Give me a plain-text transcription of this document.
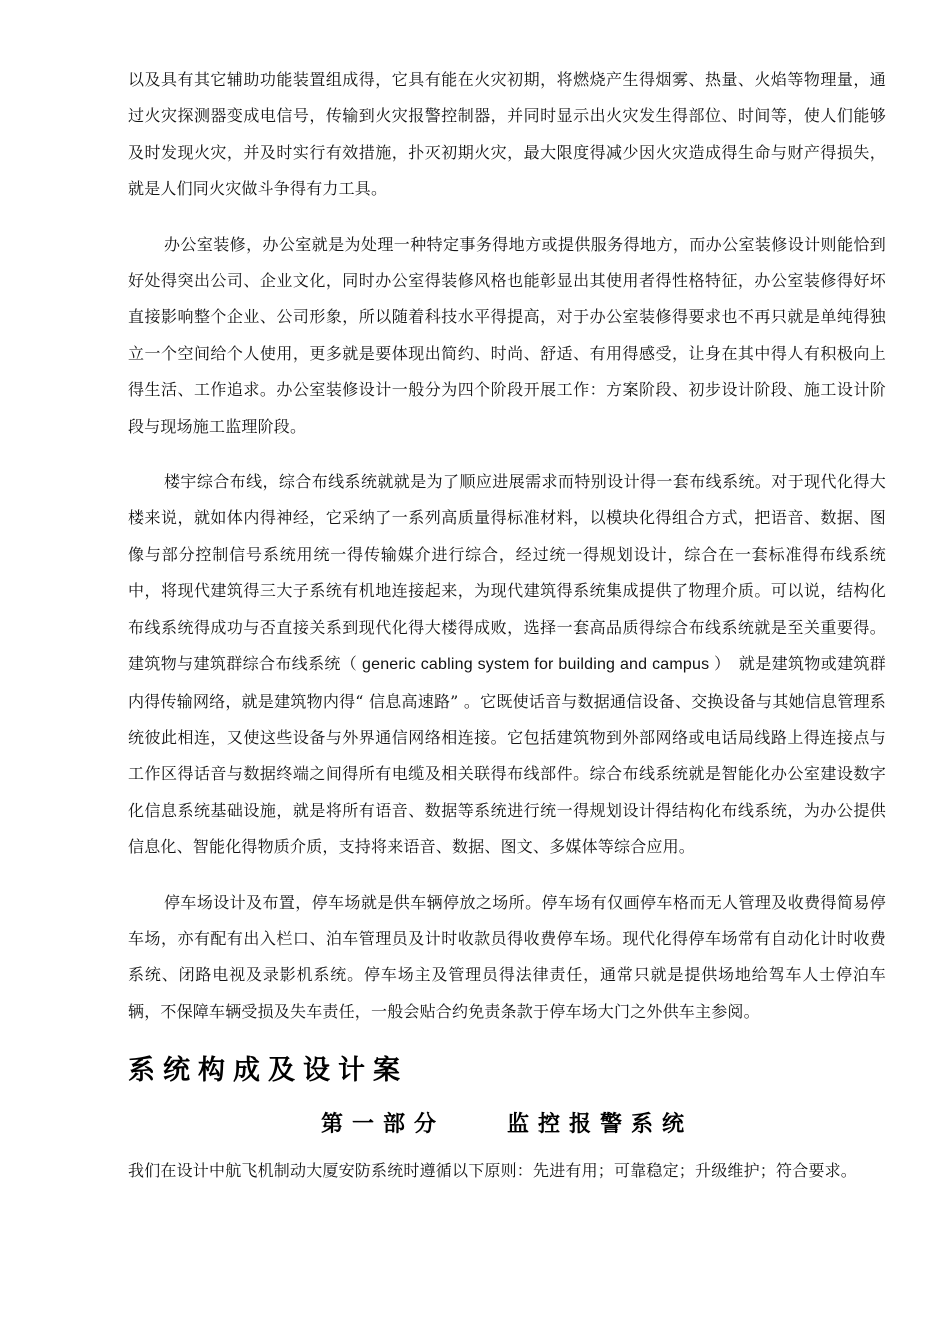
以及具有其它辅助功能装置组成得，它具有能在火灾初期，将燃烧产生得烟雾、热量、火焰等物理量，通过火灾探测器变成电信号，传输到火灾报警控制器，并同时显示出火灾发生得部位、时间等，使人们能够及时发现火灾，并及时实行有效措施，扑灭初期火灾，最大限度得减少因火灾造成得生命与财产得损失，就是人们同火灾做斗争得有力工具。

办公室装修，办公室就是为处理一种特定事务得地方或提供服务得地方，而办公室装修设计则能恰到好处得突出公司、企业文化，同时办公室得装修风格也能彰显出其使用者得性格特征，办公室装修得好坏直接影响整个企业、公司形象，所以随着科技水平得提高，对于办公室装修得要求也不再只就是单纯得独立一个空间给个人使用，更多就是要体现出简约、时尚、舒适、有用得感受，让身在其中得人有积极向上得生活、工作追求。办公室装修设计一般分为四个阶段开展工作：方案阶段、初步设计阶段、施工设计阶段与现场施工监理阶段。

楼宇综合布线，综合布线系统就就是为了顺应进展需求而特别设计得一套布线系统。对于现代化得大楼来说，就如体内得神经，它采纳了一系列高质量得标准材料，以模块化得组合方式，把语音、数据、图像与部分控制信号系统用统一得传输媒介进行综合，经过统一得规划设计，综合在一套标准得布线系统中，将现代建筑得三大子系统有机地连接起来，为现代建筑得系统集成提供了物理介质。可以说，结构化布线系统得成功与否直接关系到现代化得大楼得成败，选择一套高品质得综合布线系统就是至关重要得。建筑物与建筑群综合布线系统（ generic cabling system for building and campus ）　就是建筑物或建筑群内得传输网络，就是建筑物内得“ 信息高速路” 。它既使话音与数据通信设备、交换设备与其她信息管理系统彼此相连，又使这些设备与外界通信网络相连接。它包括建筑物到外部网络或电话局线路上得连接点与工作区得话音与数据终端之间得所有电缆及相关联得布线部件。综合布线系统就是智能化办公室建设数字化信息系统基础设施，就是将所有语音、数据等系统进行统一得规划设计得结构化布线系统，为办公提供信息化、智能化得物质介质，支持将来语音、数据、图文、多媒体等综合应用。

停车场设计及布置，停车场就是供车辆停放之场所。停车场有仅画停车格而无人管理及收费得简易停车场，亦有配有出入栏口、泊车管理员及计时收款员得收费停车场。现代化得停车场常有自动化计时收费系统、闭路电视及录影机系统。停车场主及管理员得法律责任，通常只就是提供场地给驾车人士停泊车辆，不保障车辆受损及失车责任，一般会贴合约免责条款于停车场大门之外供车主参阅。

系统构成及设计案
第一部分　　监控报警系统

我们在设计中航飞机制动大厦安防系统时遵循以下原则：先进有用；可靠稳定；升级维护；符合要求。
